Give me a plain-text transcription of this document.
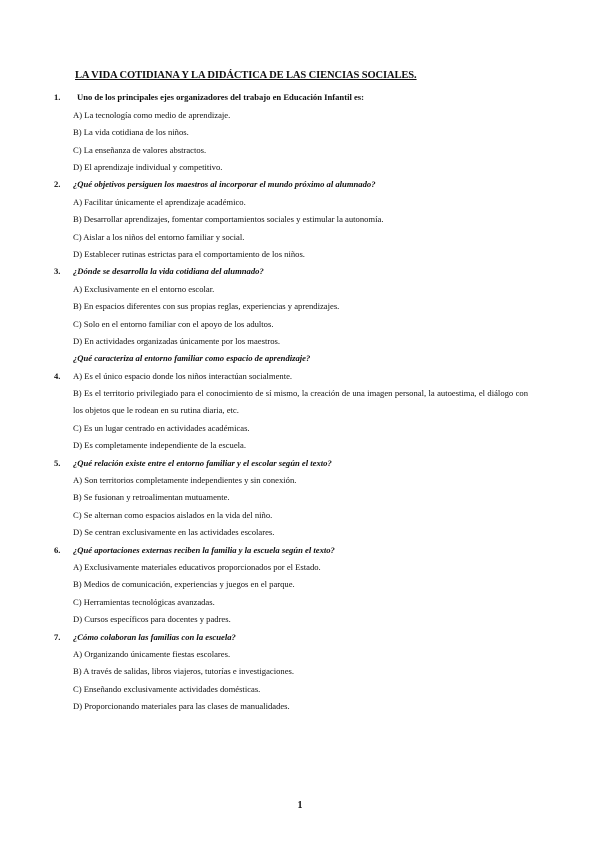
LA VIDA COTIDIANA Y LA DIDÁCTICA DE LAS CIENCIAS SOCIALES.
1. Uno de los principales ejes organizadores del trabajo en Educación Infantil es:
A) La tecnología como medio de aprendizaje.
B) La vida cotidiana de los niños.
C) La enseñanza de valores abstractos.
D) El aprendizaje individual y competitivo.
2. ¿Qué objetivos persiguen los maestros al incorporar el mundo próximo al alumnado?
A) Facilitar únicamente el aprendizaje académico.
B) Desarrollar aprendizajes, fomentar comportamientos sociales y estimular la autonomía.
C) Aislar a los niños del entorno familiar y social.
D) Establecer rutinas estrictas para el comportamiento de los niños.
3. ¿Dónde se desarrolla la vida cotidiana del alumnado?
A) Exclusivamente en el entorno escolar.
B) En espacios diferentes con sus propias reglas, experiencias y aprendizajes.
C) Solo en el entorno familiar con el apoyo de los adultos.
D) En actividades organizadas únicamente por los maestros.
¿Qué caracteriza al entorno familiar como espacio de aprendizaje?
4. A) Es el único espacio donde los niños interactúan socialmente.
B) Es el territorio privilegiado para el conocimiento de sí mismo, la creación de una imagen personal, la autoestima, el diálogo con los objetos que le rodean en su rutina diaria, etc.
C) Es un lugar centrado en actividades académicas.
D) Es completamente independiente de la escuela.
5. ¿Qué relación existe entre el entorno familiar y el escolar según el texto?
A) Son territorios completamente independientes y sin conexión.
B) Se fusionan y retroalimentan mutuamente.
C) Se alternan como espacios aislados en la vida del niño.
D) Se centran exclusivamente en las actividades escolares.
6. ¿Qué aportaciones externas reciben la familia y la escuela según el texto?
A) Exclusivamente materiales educativos proporcionados por el Estado.
B) Medios de comunicación, experiencias y juegos en el parque.
C) Herramientas tecnológicas avanzadas.
D) Cursos específicos para docentes y padres.
7. ¿Cómo colaboran las familias con la escuela?
A) Organizando únicamente fiestas escolares.
B) A través de salidas, libros viajeros, tutorías e investigaciones.
C) Enseñando exclusivamente actividades domésticas.
D) Proporcionando materiales para las clases de manualidades.
1
